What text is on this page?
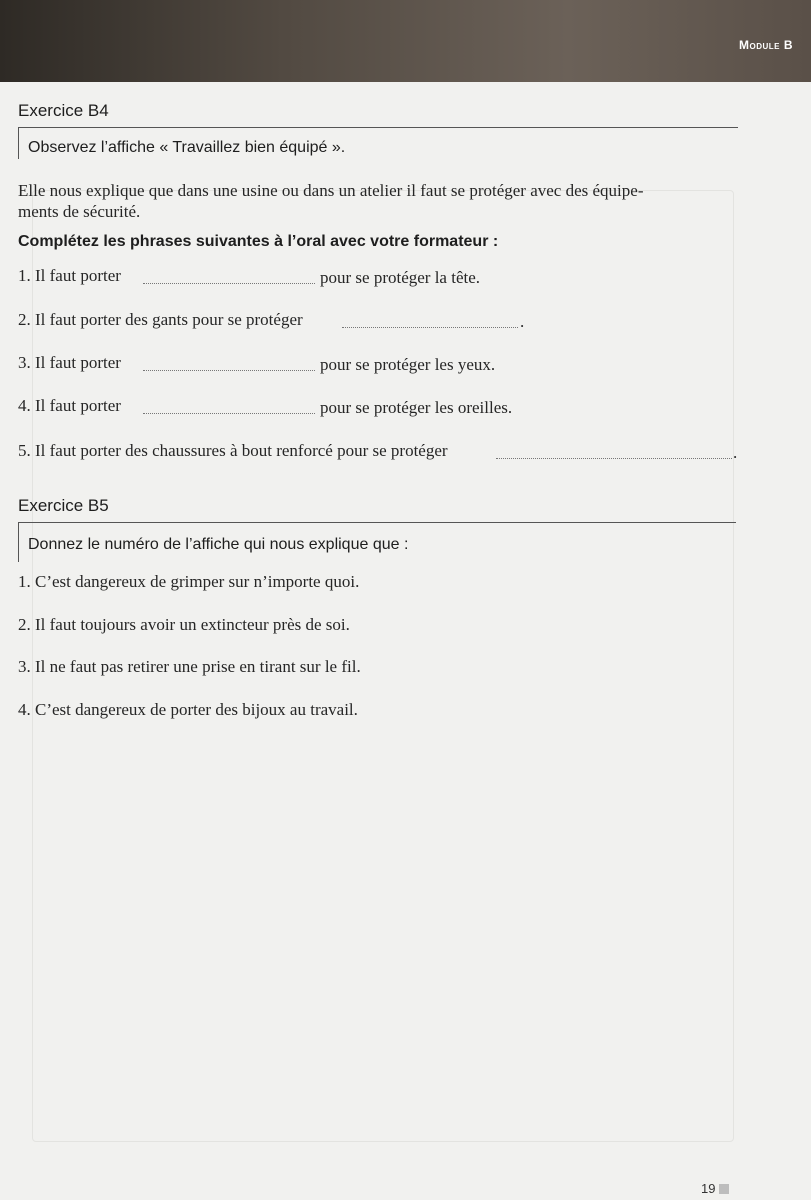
Module B
Exercice B4
Observez l’affiche « Travaillez bien équipé ».
Elle nous explique que dans une usine ou dans un atelier il faut se protéger avec des équipe-
ments de sécurité.
Complétez les phrases suivantes à l’oral avec votre formateur :
1. Il faut porter	pour se protéger la tête.
2. Il faut porter des gants pour se protéger	.
3. Il faut porter	pour se protéger les yeux.
4. Il faut porter	pour se protéger les oreilles.
5. Il faut porter des chaussures à bout renforcé pour se protéger	.
Exercice B5
Donnez le numéro de l’affiche qui nous explique que :
1. C’est dangereux de grimper sur n’importe quoi.
2. Il faut toujours avoir un extincteur près de soi.
3. Il ne faut pas retirer une prise en tirant sur le fil.
4. C’est dangereux de porter des bijoux au travail.
19
